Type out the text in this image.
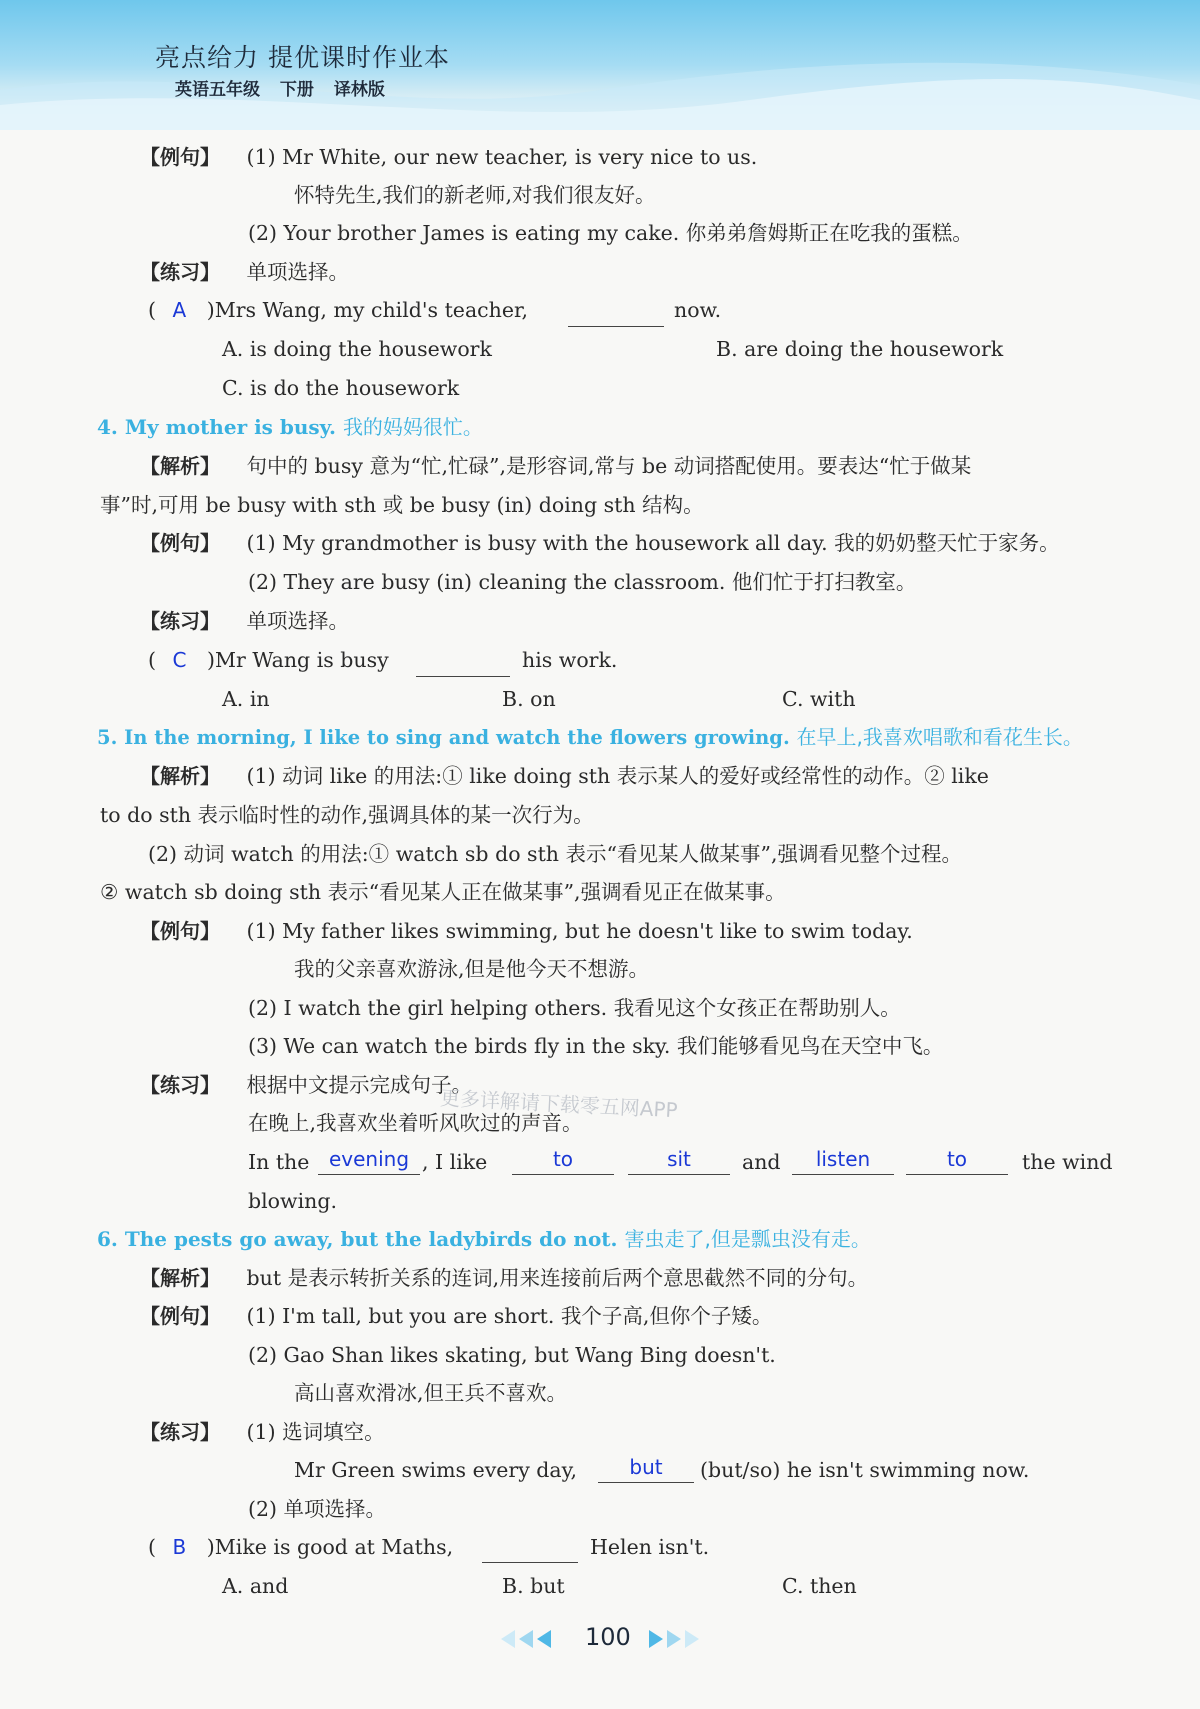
亮点给力 提优课时作业本
英语五年级 下册 译林版
【例句】 (1) Mr White, our new teacher, is very nice to us.
怀特先生,我们的新老师,对我们很友好。
(2) Your brother James is eating my cake. 你弟弟詹姆斯正在吃我的蛋糕。
【练习】 单项选择。
( A )Mrs Wang, my child's teacher,	now.
A. is doing the housework	B. are doing the housework
C. is do the housework
4. My mother is busy. 我的妈妈很忙。
【解析】 句中的 busy 意为“忙,忙碌”,是形容词,常与 be 动词搭配使用。要表达“忙于做某
事”时,可用 be busy with sth 或 be busy (in) doing sth 结构。
【例句】 (1) My grandmother is busy with the housework all day. 我的奶奶整天忙于家务。
(2) They are busy (in) cleaning the classroom. 他们忙于打扫教室。
【练习】 单项选择。
( C )Mr Wang is busy	his work.
A. in	B. on	C. with
5. In the morning, I like to sing and watch the flowers growing. 在早上,我喜欢唱歌和看花生长。
【解析】 (1) 动词 like 的用法:① like doing sth 表示某人的爱好或经常性的动作。② like
to do sth 表示临时性的动作,强调具体的某一次行为。
(2) 动词 watch 的用法:① watch sb do sth 表示“看见某人做某事”,强调看见整个过程。
② watch sb doing sth 表示“看见某人正在做某事”,强调看见正在做某事。
【例句】 (1) My father likes swimming, but he doesn't like to swim today.
我的父亲喜欢游泳,但是他今天不想游。
(2) I watch the girl helping others. 我看见这个女孩正在帮助别人。
(3) We can watch the birds fly in the sky. 我们能够看见鸟在天空中飞。
【练习】 根据中文提示完成句子。
更多详解请下载零五网APP
在晚上,我喜欢坐着听风吹过的声音。
In the evening , I like	to	sit	and	listen	to	the wind
blowing.
6. The pests go away, but the ladybirds do not. 害虫走了,但是瓢虫没有走。
【解析】 but 是表示转折关系的连词,用来连接前后两个意思截然不同的分句。
【例句】 (1) I'm tall, but you are short. 我个子高,但你个子矮。
(2) Gao Shan likes skating, but Wang Bing doesn't.
高山喜欢滑冰,但王兵不喜欢。
【练习】 (1) 选词填空。
Mr Green swims every day,	but	(but/so) he isn't swimming now.
(2) 单项选择。
( B )Mike is good at Maths,	Helen isn't.
A. and	B. but	C. then
100
